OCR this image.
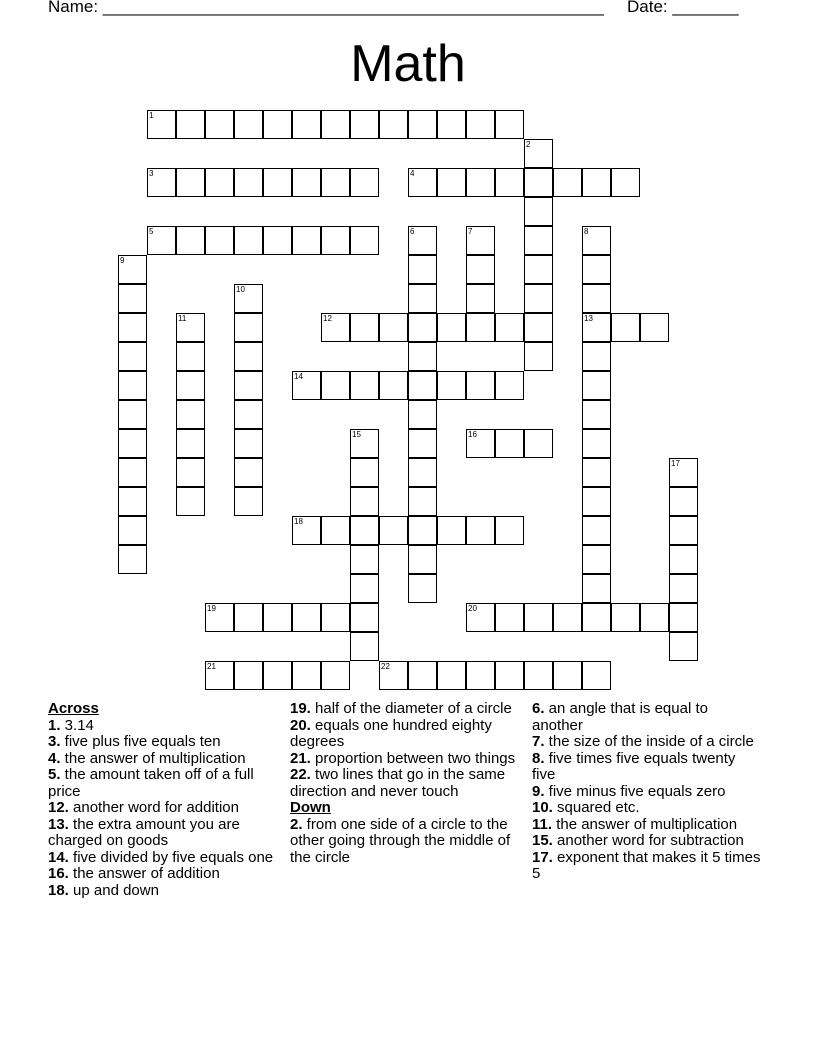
Name: _____________________________________________________ Date: _______
Math
1
2
3	4
5	6	7	8
13
9
10
11	12
14
15	16
17
18
19	20
21	22
Across
1. 3.14
3. five plus five equals ten
4. the answer of multiplication
5. the amount taken off of a full price
12. another word for addition
13. the extra amount you are charged on goods
14. five divided by five equals one
16. the answer of addition
18. up and down
19. half of the diameter of a circle
20. equals one hundred eighty degrees
21. proportion between two things
22. two lines that go in the same direction and never touch
Down
2. from one side of a circle to the other going through the middle of the circle
6. an angle that is equal to another
7. the size of the inside of a circle
8. five times five equals twenty five
9. five minus five equals zero
10. squared etc.
11. the answer of multiplication
15. another word for subtraction
17. exponent that makes it 5 times 5
